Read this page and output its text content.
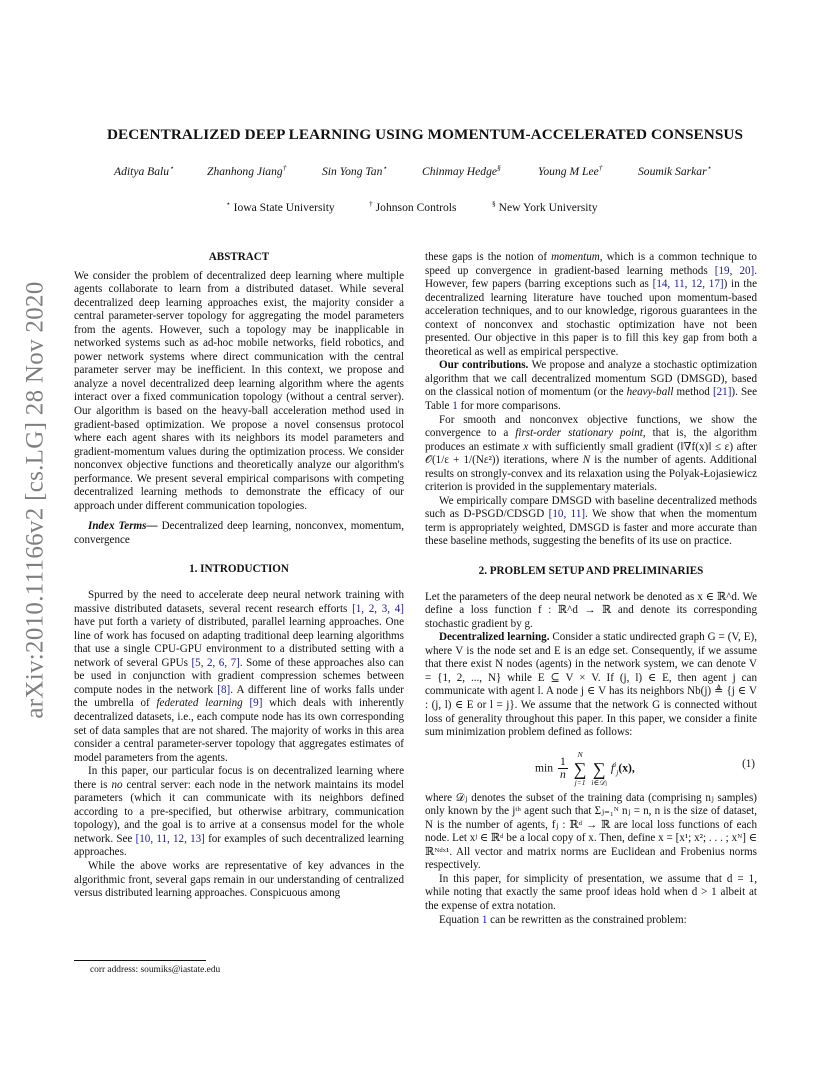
arXiv:2010.11166v2 [cs.LG] 28 Nov 2020
DECENTRALIZED DEEP LEARNING USING MOMENTUM-ACCELERATED CONSENSUS
Aditya Balu⋆	Zhanhong Jiang†	Sin Yong Tan⋆	Chinmay Hedge§	Young M Lee†	Soumik Sarkar⋆
⋆ Iowa State University	† Johnson Controls	§ New York University

ABSTRACT

We consider the problem of decentralized deep learning where multiple agents collaborate to learn from a distributed dataset. While several decentralized deep learning approaches exist, the majority consider a central parameter-server topology for aggregating the model parameters from the agents. However, such a topology may be inapplicable in networked systems such as ad-hoc mobile networks, field robotics, and power network systems where direct communication with the central parameter server may be inefficient. In this context, we propose and analyze a novel decentralized deep learning algorithm where the agents interact over a fixed communication topology (without a central server). Our algorithm is based on the heavy-ball acceleration method used in gradient-based optimization. We propose a novel consensus protocol where each agent shares with its neighbors its model parameters and gradient-momentum values during the optimization process. We consider nonconvex objective functions and theoretically analyze our algorithm's performance. We present several empirical comparisons with competing decentralized learning methods to demonstrate the efficacy of our approach under different communication topologies.

Index Terms— Decentralized deep learning, nonconvex, momentum, convergence

1. INTRODUCTION

Spurred by the need to accelerate deep neural network training with massive distributed datasets, several recent research efforts [1, 2, 3, 4] have put forth a variety of distributed, parallel learning approaches. One line of work has focused on adapting traditional deep learning algorithms that use a single CPU-GPU environment to a distributed setting with a network of several GPUs [5, 2, 6, 7]. Some of these approaches also can be used in conjunction with gradient compression schemes between compute nodes in the network [8]. A different line of works falls under the umbrella of federated learning [9] which deals with inherently decentralized datasets, i.e., each compute node has its own corresponding set of data samples that are not shared. The majority of works in this area consider a central parameter-server topology that aggregates estimates of model parameters from the agents.

In this paper, our particular focus is on decentralized learning where there is no central server: each node in the network maintains its model parameters (which it can communicate with its neighbors defined according to a pre-specified, but otherwise arbitrary, communication topology), and the goal is to arrive at a consensus model for the whole network. See [10, 11, 12, 13] for examples of such decentralized learning approaches.

While the above works are representative of key advances in the algorithmic front, several gaps remain in our understanding of centralized versus distributed learning approaches. Conspicuous among

these gaps is the notion of momentum, which is a common technique to speed up convergence in gradient-based learning methods [19, 20]. However, few papers (barring exceptions such as [14, 11, 12, 17]) in the decentralized learning literature have touched upon momentum-based acceleration techniques, and to our knowledge, rigorous guarantees in the context of nonconvex and stochastic optimization have not been presented. Our objective in this paper is to fill this key gap from both a theoretical as well as empirical perspective.

Our contributions. We propose and analyze a stochastic optimization algorithm that we call decentralized momentum SGD (DMSGD), based on the classical notion of momentum (or the heavy-ball method [21]). See Table 1 for more comparisons.

For smooth and nonconvex objective functions, we show the convergence to a first-order stationary point, that is, the algorithm produces an estimate x with sufficiently small gradient (‖∇f(x)‖ ≤ ε) after 𝒪(1/ε + 1/(Nε²)) iterations, where N is the number of agents. Additional results on strongly-convex and its relaxation using the Polyak-Łojasiewicz criterion is provided in the supplementary materials.

We empirically compare DMSGD with baseline decentralized methods such as D-PSGD/CDSGD [10, 11]. We show that when the momentum term is appropriately weighted, DMSGD is faster and more accurate than these baseline methods, suggesting the benefits of its use on practice.

2. PROBLEM SETUP AND PRELIMINARIES

Let the parameters of the deep neural network be denoted as x ∈ ℝ^d. We define a loss function f : ℝ^d → ℝ and denote its corresponding stochastic gradient by g.

Decentralized learning. Consider a static undirected graph G = (V, E), where V is the node set and E is an edge set. Consequently, if we assume that there exist N nodes (agents) in the network system, we can denote V = {1, 2, ..., N} while E ⊆ V × V. If (j, l) ∈ E, then agent j can communicate with agent l. A node j ∈ V has its neighbors Nb(j) ≜ {j ∈ V : (j, l) ∈ E or l = j}. We assume that the network G is connected without loss of generality throughout this paper. In this paper, we consider a finite sum minimization problem defined as follows:

$\min \frac{1}{n}$

N
∑
j=1

∑
i∈𝒟ⱼ
$f^i_j(x)$,	(1)

where 𝒟ⱼ denotes the subset of the training data (comprising nⱼ samples) only known by the jᵗʰ agent such that Σⱼ₌₁ᴺ nⱼ = n, n is the size of dataset, N is the number of agents, fⱼ : ℝᵈ → ℝ are local loss functions of each node. Let xʲ ∈ ℝᵈ be a local copy of x. Then, define x = [x¹; x²; . . . ; xᴺ] ∈ ℝᴺᵈˣ¹. All vector and matrix norms are Euclidean and Frobenius norms respectively.

In this paper, for simplicity of presentation, we assume that d = 1, while noting that exactly the same proof ideas hold when d > 1 albeit at the expense of extra notation.

Equation 1 can be rewritten as the constrained problem:

corr address: soumiks@iastate.edu
